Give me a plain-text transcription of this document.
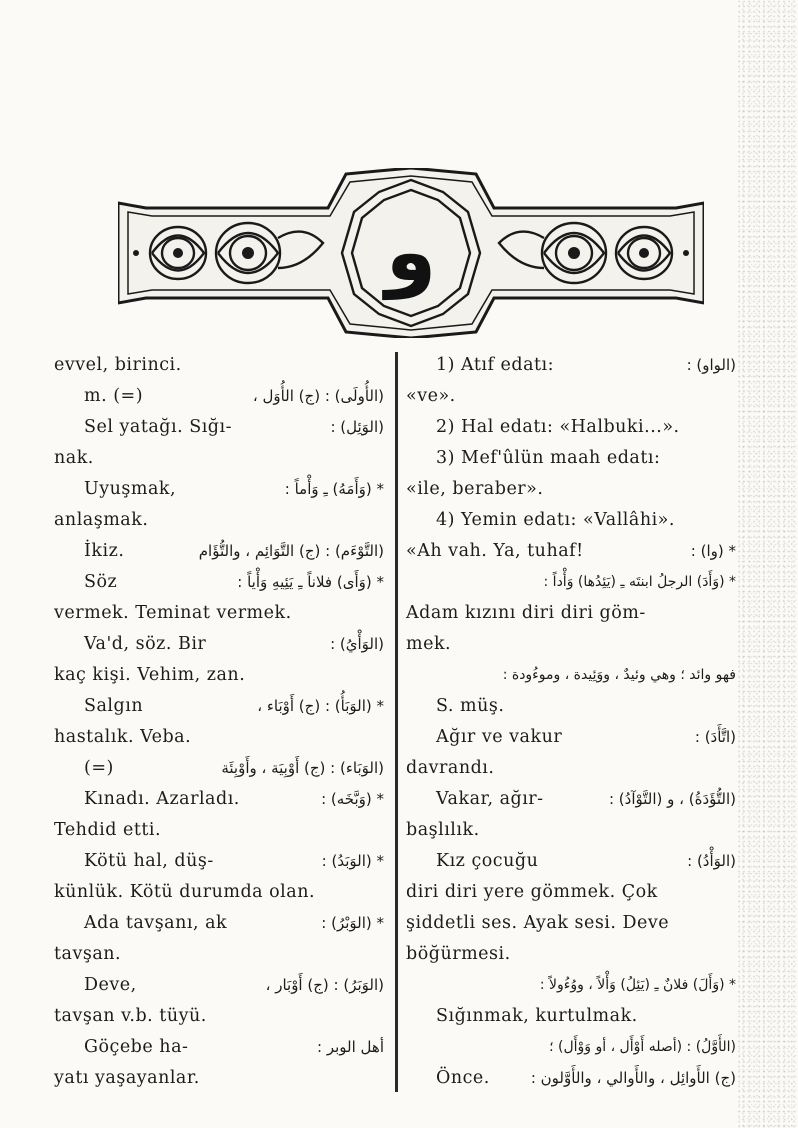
و
evvel, birinci.
m. (=)	(الأُولَى) : (ج) الأُوَل ،
Sel yatağı. Sığı-	(الوَئِل) :
nak.
Uyuşmak,	* (وَأَمَهُ) ـِ وَأْماً :
anlaşmak.
İkiz.	(التَّوْءَم) : (ج) التَّوَائِم ، والتُّؤَام
Söz	* (وَأَى) فلاناً ـِ يَئِيهِ وَأْياً :
vermek. Teminat vermek.
Va'd, söz. Bir	(الوَأْيُ) :
kaç kişi. Vehim, zan.
Salgın	* (الوَبَأُ) : (ج) أَوْبَاء ،
hastalık. Veba.
(=)	(الوَبَاء) : (ج) أَوْبِيَة ، وأَوْبِئَة
Kınadı. Azarladı.	* (وَبَّخَه) :
Tehdid etti.
Kötü hal, düş-	* (الوَبَدُ) :
künlük. Kötü durumda olan.
Ada tavşanı, ak	* (الوَبْرُ) :
tavşan.
Deve,	(الوَبَرُ) : (ج) أَوْبَار ،
tavşan v.b. tüyü.
Göçebe ha-	أهل الوبر :
yatı yaşayanlar.
1) Atıf edatı:	(الواو) :
«ve».
2) Hal edatı: «Halbuki...».
3) Mef'ûlün maah edatı:
«ile, beraber».
4) Yemin edatı: «Vallâhi».
«Ah vah. Ya, tuhaf!	* (وا) :
* (وَأَدَ) الرجلُ ابنتَه ـِ (يَئِدُها) وَأْداً :
Adam kızını diri diri göm-
mek.
فهو وائد ؛ وهي وئيدٌ ، ووَئِيدة ، وموءُودة :
S. müş.
Ağır ve vakur	(اتَّأَدَ) :
davrandı.
Vakar, ağır-	(التُّؤَدَةُ) ، و (التَّوْآدُ) :
başlılık.
Kız çocuğu	(الوَأْدُ) :
diri diri yere gömmek. Çok
şiddetli ses. Ayak sesi. Deve
böğürmesi.
* (وَأَلَ) فلانٌ ـِ (يَئِلُ) وَأْلاً ، ووُءُولاً :
Sığınmak, kurtulmak.
(الأَوَّلُ) : (أصله أَوْأَل ، أو وَوْأَل) ؛
Önce.	(ج) الأَوائِل ، والأَوالي ، والأَوَّلون :
